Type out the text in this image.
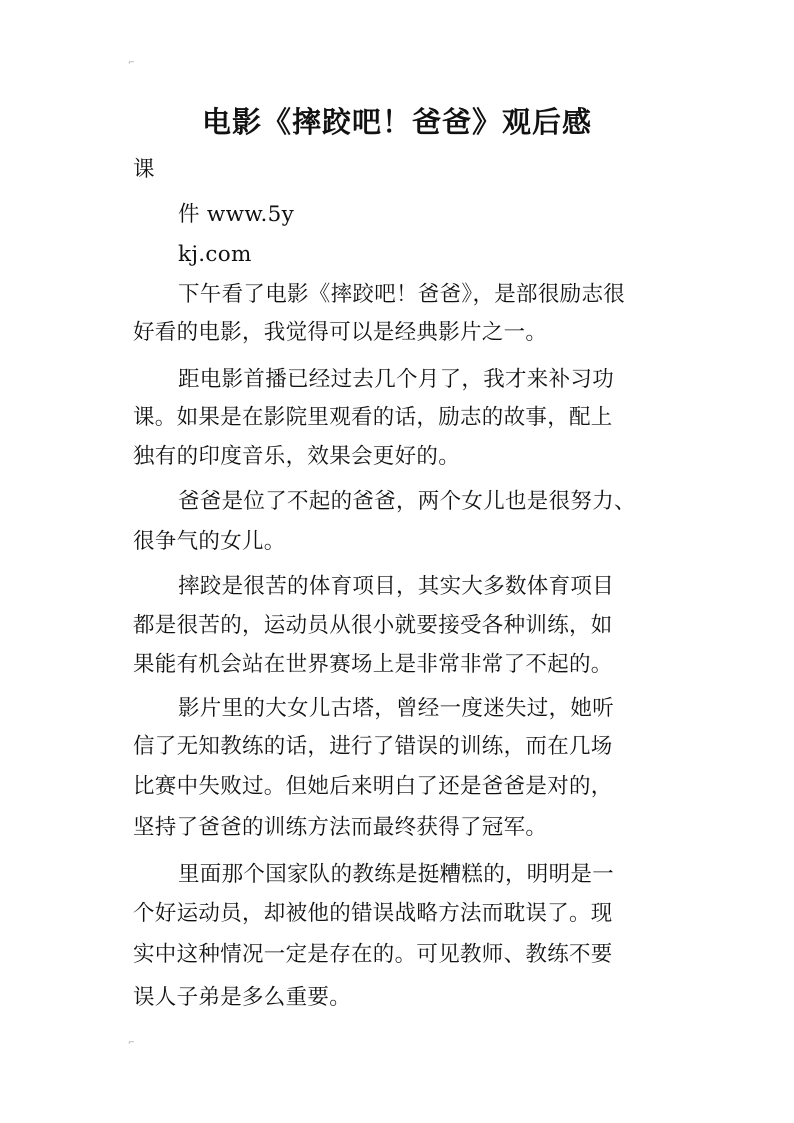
⌐
⌐
电影《摔跤吧！爸爸》观后感
课
件 www.5y
kj.com
下午看了电影《摔跤吧！爸爸》，是部很励志很
好看的电影，我觉得可以是经典影片之一。
距电影首播已经过去几个月了，我才来补习功
课。如果是在影院里观看的话，励志的故事，配上
独有的印度音乐，效果会更好的。
爸爸是位了不起的爸爸，两个女儿也是很努力、
很争气的女儿。
摔跤是很苦的体育项目，其实大多数体育项目
都是很苦的，运动员从很小就要接受各种训练，如
果能有机会站在世界赛场上是非常非常了不起的。
影片里的大女儿古塔，曾经一度迷失过，她听
信了无知教练的话，进行了错误的训练，而在几场
比赛中失败过。但她后来明白了还是爸爸是对的，
坚持了爸爸的训练方法而最终获得了冠军。
里面那个国家队的教练是挺糟糕的，明明是一
个好运动员，却被他的错误战略方法而耽误了。现
实中这种情况一定是存在的。可见教师、教练不要
误人子弟是多么重要。
